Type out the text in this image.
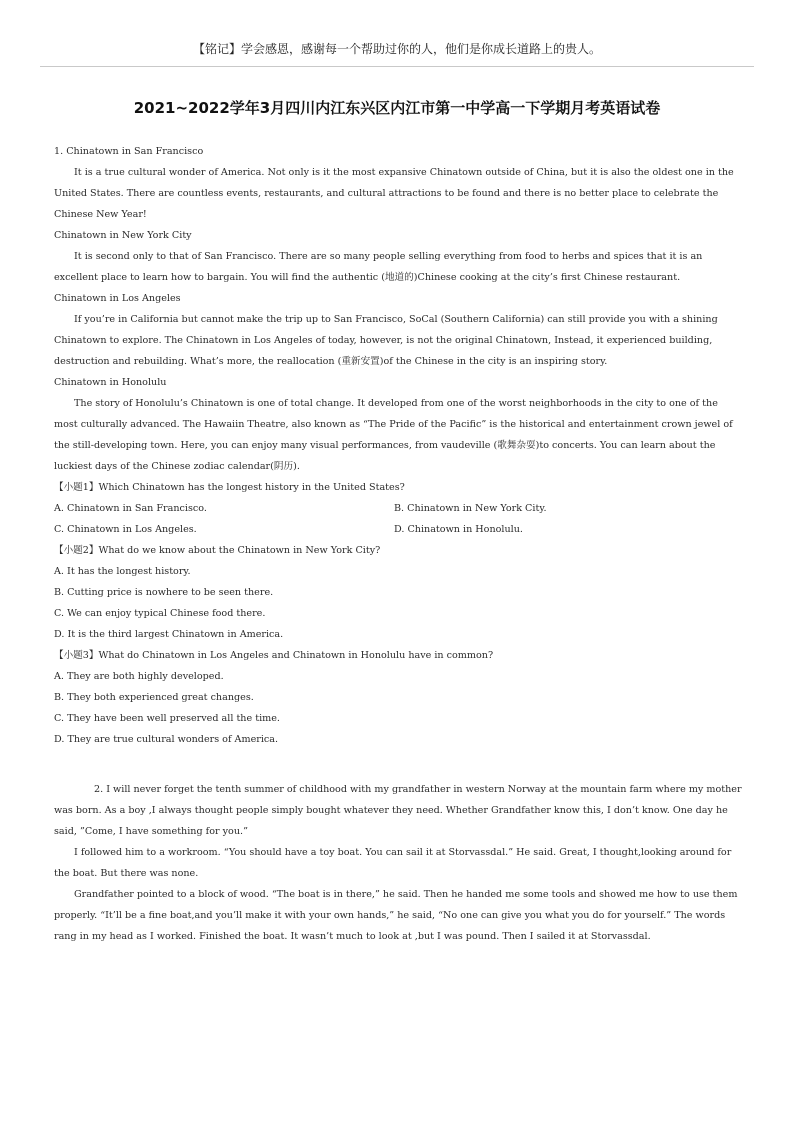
【铭记】学会感恩，感谢每一个帮助过你的人，他们是你成长道路上的贵人。
2021~2022学年3月四川内江东兴区内江市第一中学高一下学期月考英语试卷

1. Chinatown in San Francisco

It is a true cultural wonder of America. Not only is it the most expansive Chinatown outside of China, but it is also the oldest one in the United States. There are countless events, restaurants, and cultural attractions to be found and there is no better place to celebrate the Chinese New Year!

Chinatown in New York City

It is second only to that of San Francisco. There are so many people selling everything from food to herbs and spices that it is an excellent place to learn how to bargain. You will find the authentic (地道的)Chinese cooking at the city’s first Chinese restaurant.

Chinatown in Los Angeles

If you’re in California but cannot make the trip up to San Francisco, SoCal (Southern California) can still provide you with a shining Chinatown to explore. The Chinatown in Los Angeles of today, however, is not the original Chinatown, Instead, it experienced building, destruction and rebuilding. What’s more, the reallocation (重新安置)of the Chinese in the city is an inspiring story.

Chinatown in Honolulu

The story of Honolulu’s Chinatown is one of total change. It developed from one of the worst neighborhoods in the city to one of the most culturally advanced. The Hawaiin Theatre, also known as “The Pride of the Pacific” is the historical and entertainment crown jewel of the still-developing town. Here, you can enjoy many visual performances, from vaudeville (歌舞杂耍)to concerts. You can learn about the luckiest days of the Chinese zodiac calendar(阴历).

【小题1】Which Chinatown has the longest history in the United States?

A. Chinatown in San Francisco.	B. Chinatown in New York City.
C. Chinatown in Los Angeles.	D. Chinatown in Honolulu.

【小题2】What do we know about the Chinatown in New York City?

A. It has the longest history.

B. Cutting price is nowhere to be seen there.

C. We can enjoy typical Chinese food there.

D. It is the third largest Chinatown in America.

【小题3】What do Chinatown in Los Angeles and Chinatown in Honolulu have in common?

A. They are both highly developed.

B. They both experienced great changes.

C. They have been well preserved all the time.

D. They are true cultural wonders of America.

2. I will never forget the tenth summer of childhood with my grandfather in western Norway at the mountain farm where my mother was born. As a boy ,I always thought people simply bought whatever they need. Whether Grandfather know this, I don’t know. One day he said, ”Come, I have something for you.”

I followed him to a workroom. “You should have a toy boat. You can sail it at Storvassdal.” He said. Great, I thought,looking around for the boat. But there was none.

Grandfather pointed to a block of wood. “The boat is in there,” he said. Then he handed me some tools and showed me how to use them properly. “It’ll be a fine boat,and you’ll make it with your own hands,” he said, “No one can give you what you do for yourself.” The words rang in my head as I worked. Finished the boat. It wasn’t much to look at ,but I was pound. Then I sailed it at Storvassdal.
